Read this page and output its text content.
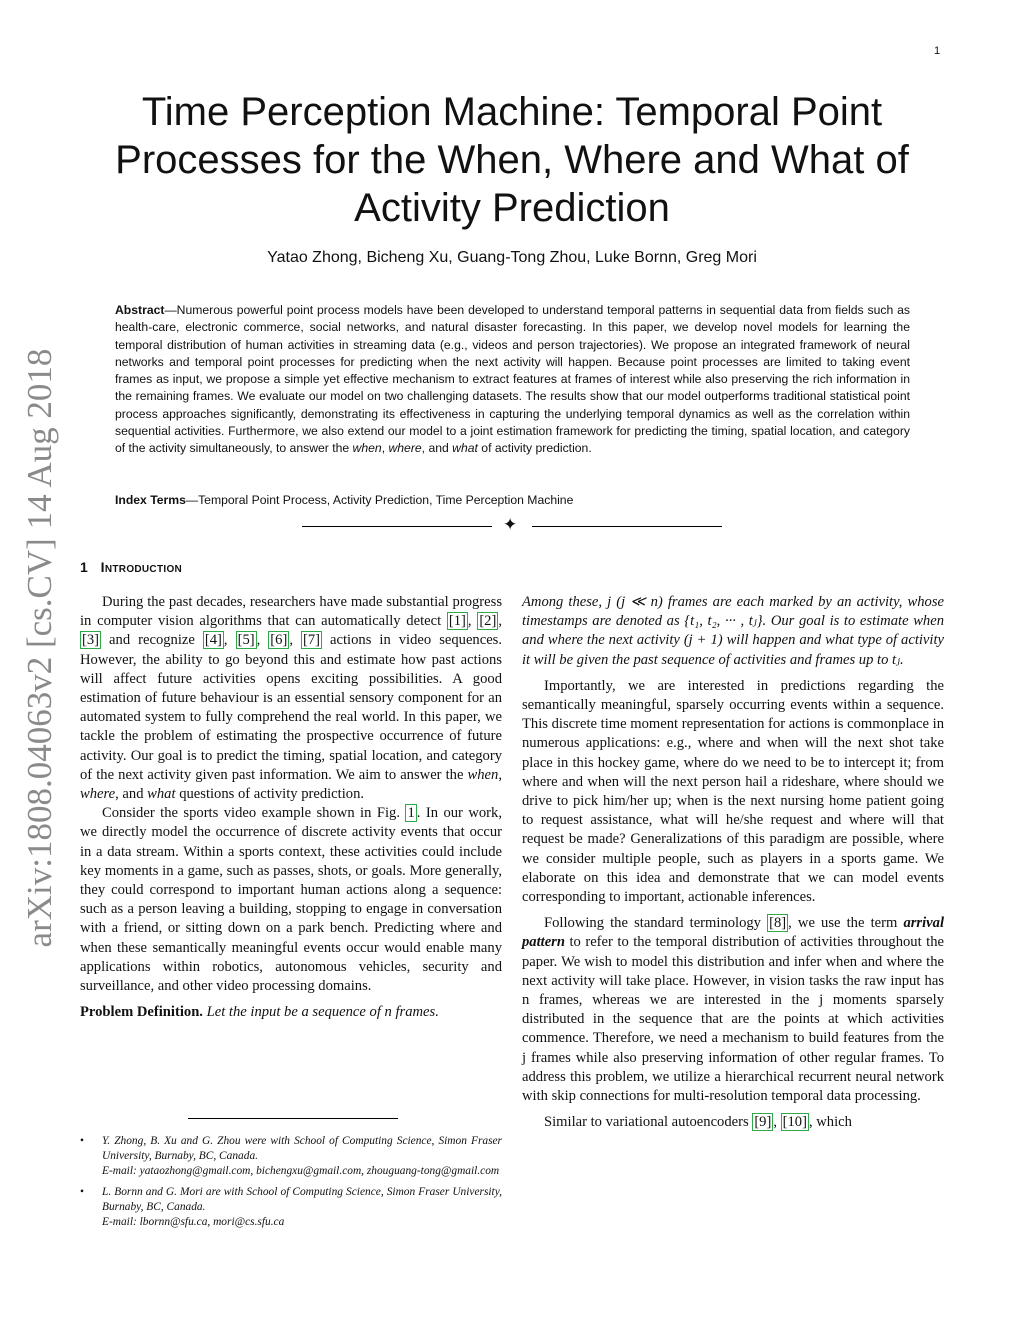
1
arXiv:1808.04063v2 [cs.CV] 14 Aug 2018
Time Perception Machine: Temporal Point Processes for the When, Where and What of Activity Prediction
Yatao Zhong, Bicheng Xu, Guang-Tong Zhou, Luke Bornn, Greg Mori

Abstract—Numerous powerful point process models have been developed to understand temporal patterns in sequential data from fields such as health-care, electronic commerce, social networks, and natural disaster forecasting. In this paper, we develop novel models for learning the temporal distribution of human activities in streaming data (e.g., videos and person trajectories). We propose an integrated framework of neural networks and temporal point processes for predicting when the next activity will happen. Because point processes are limited to taking event frames as input, we propose a simple yet effective mechanism to extract features at frames of interest while also preserving the rich information in the remaining frames. We evaluate our model on two challenging datasets. The results show that our model outperforms traditional statistical point process approaches significantly, demonstrating its effectiveness in capturing the underlying temporal dynamics as well as the correlation within sequential activities. Furthermore, we also extend our model to a joint estimation framework for predicting the timing, spatial location, and category of the activity simultaneously, to answer the when, where, and what of activity prediction.

Index Terms—Temporal Point Process, Activity Prediction, Time Perception Machine
✦
1 Introduction

During the past decades, researchers have made substantial progress in computer vision algorithms that can automatically detect [1] , [2] , [3] and recognize [4] , [5] , [6] , [7] actions in video sequences. However, the ability to go beyond this and estimate how past actions will affect future activities opens exciting possibilities. A good estimation of future behaviour is an essential sensory component for an automated system to fully comprehend the real world. In this paper, we tackle the problem of estimating the prospective occurrence of future activity. Our goal is to predict the timing, spatial location, and category of the next activity given past information. We aim to answer the when, where, and what questions of activity prediction.

Consider the sports video example shown in Fig. 1 . In our work, we directly model the occurrence of discrete activity events that occur in a data stream. Within a sports context, these activities could include key moments in a game, such as passes, shots, or goals. More generally, they could correspond to important human actions along a sequence: such as a person leaving a building, stopping to engage in conversation with a friend, or sitting down on a park bench. Predicting where and when these semantically meaningful events occur would enable many applications within robotics, autonomous vehicles, security and surveillance, and other video processing domains.

Problem Definition. Let the input be a sequence of n frames.

• Y. Zhong, B. Xu and G. Zhou were with School of Computing Science, Simon Fraser University, Burnaby, BC, Canada.
E-mail: yataozhong@gmail.com, bichengxu@gmail.com, zhouguang-tong@gmail.com
• L. Bornn and G. Mori are with School of Computing Science, Simon Fraser University, Burnaby, BC, Canada.
E-mail: lbornn@sfu.ca, mori@cs.sfu.ca

Among these, j (j ≪ n) frames are each marked by an activity, whose timestamps are denoted as {t₁, t₂, ··· , tⱼ}. Our goal is to estimate when and where the next activity (j + 1) will happen and what type of activity it will be given the past sequence of activities and frames up to tⱼ.

Importantly, we are interested in predictions regarding the semantically meaningful, sparsely occurring events within a sequence. This discrete time moment representation for actions is commonplace in numerous applications: e.g., where and when will the next shot take place in this hockey game, where do we need to be to intercept it; from where and when will the next person hail a rideshare, where should we drive to pick him/her up; when is the next nursing home patient going to request assistance, what will he/she request and where will that request be made? Generalizations of this paradigm are possible, where we consider multiple people, such as players in a sports game. We elaborate on this idea and demonstrate that we can model events corresponding to important, actionable inferences.

Following the standard terminology [8] , we use the term arrival pattern to refer to the temporal distribution of activities throughout the paper. We wish to model this distribution and infer when and where the next activity will take place. However, in vision tasks the raw input has n frames, whereas we are interested in the j moments sparsely distributed in the sequence that are the points at which activities commence. Therefore, we need a mechanism to build features from the j frames while also preserving information of other regular frames. To address this problem, we utilize a hierarchical recurrent neural network with skip connections for multi-resolution temporal data processing.

Similar to variational autoencoders [9] , [10] , which
